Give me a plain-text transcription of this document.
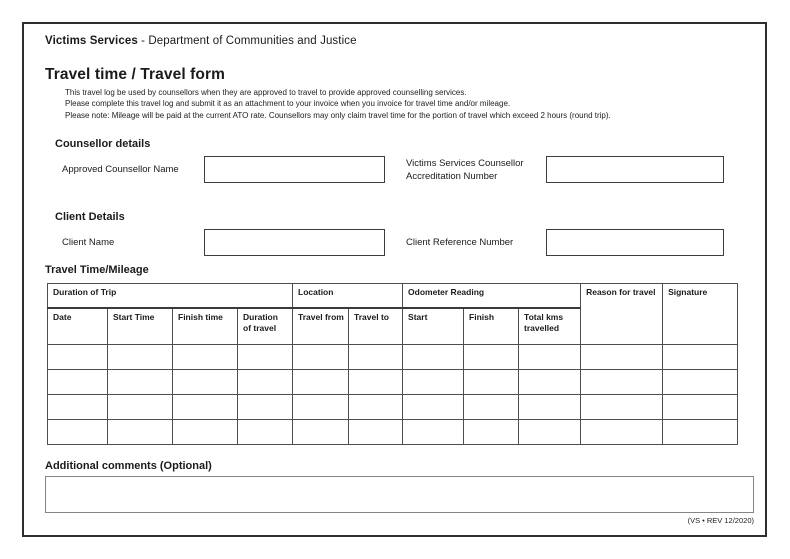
Victims Services - Department of Communities and Justice
Travel time / Travel form
This travel log be used by counsellors when they are approved to travel to provide approved counselling services.
Please complete this travel log and submit it as an attachment to your invoice when you invoice for travel time and/or mileage.
Please note: Mileage will be paid at the current ATO rate. Counsellors may only claim travel time for the portion of travel which exceed 2 hours (round trip).
Counsellor details
Approved Counsellor Name
Victims Services Counsellor
Accreditation Number
Client Details
Client Name	Client Reference Number
Travel Time/Mileage
Duration of Trip				Location		Odometer Reading			Reason for travel	Signature
Date	Start Time	Finish time	Duration of travel	Travel from	Travel to	Start	Finish	Total kms travelled		

Additional comments (Optional)
(VS • REV 12/2020)
